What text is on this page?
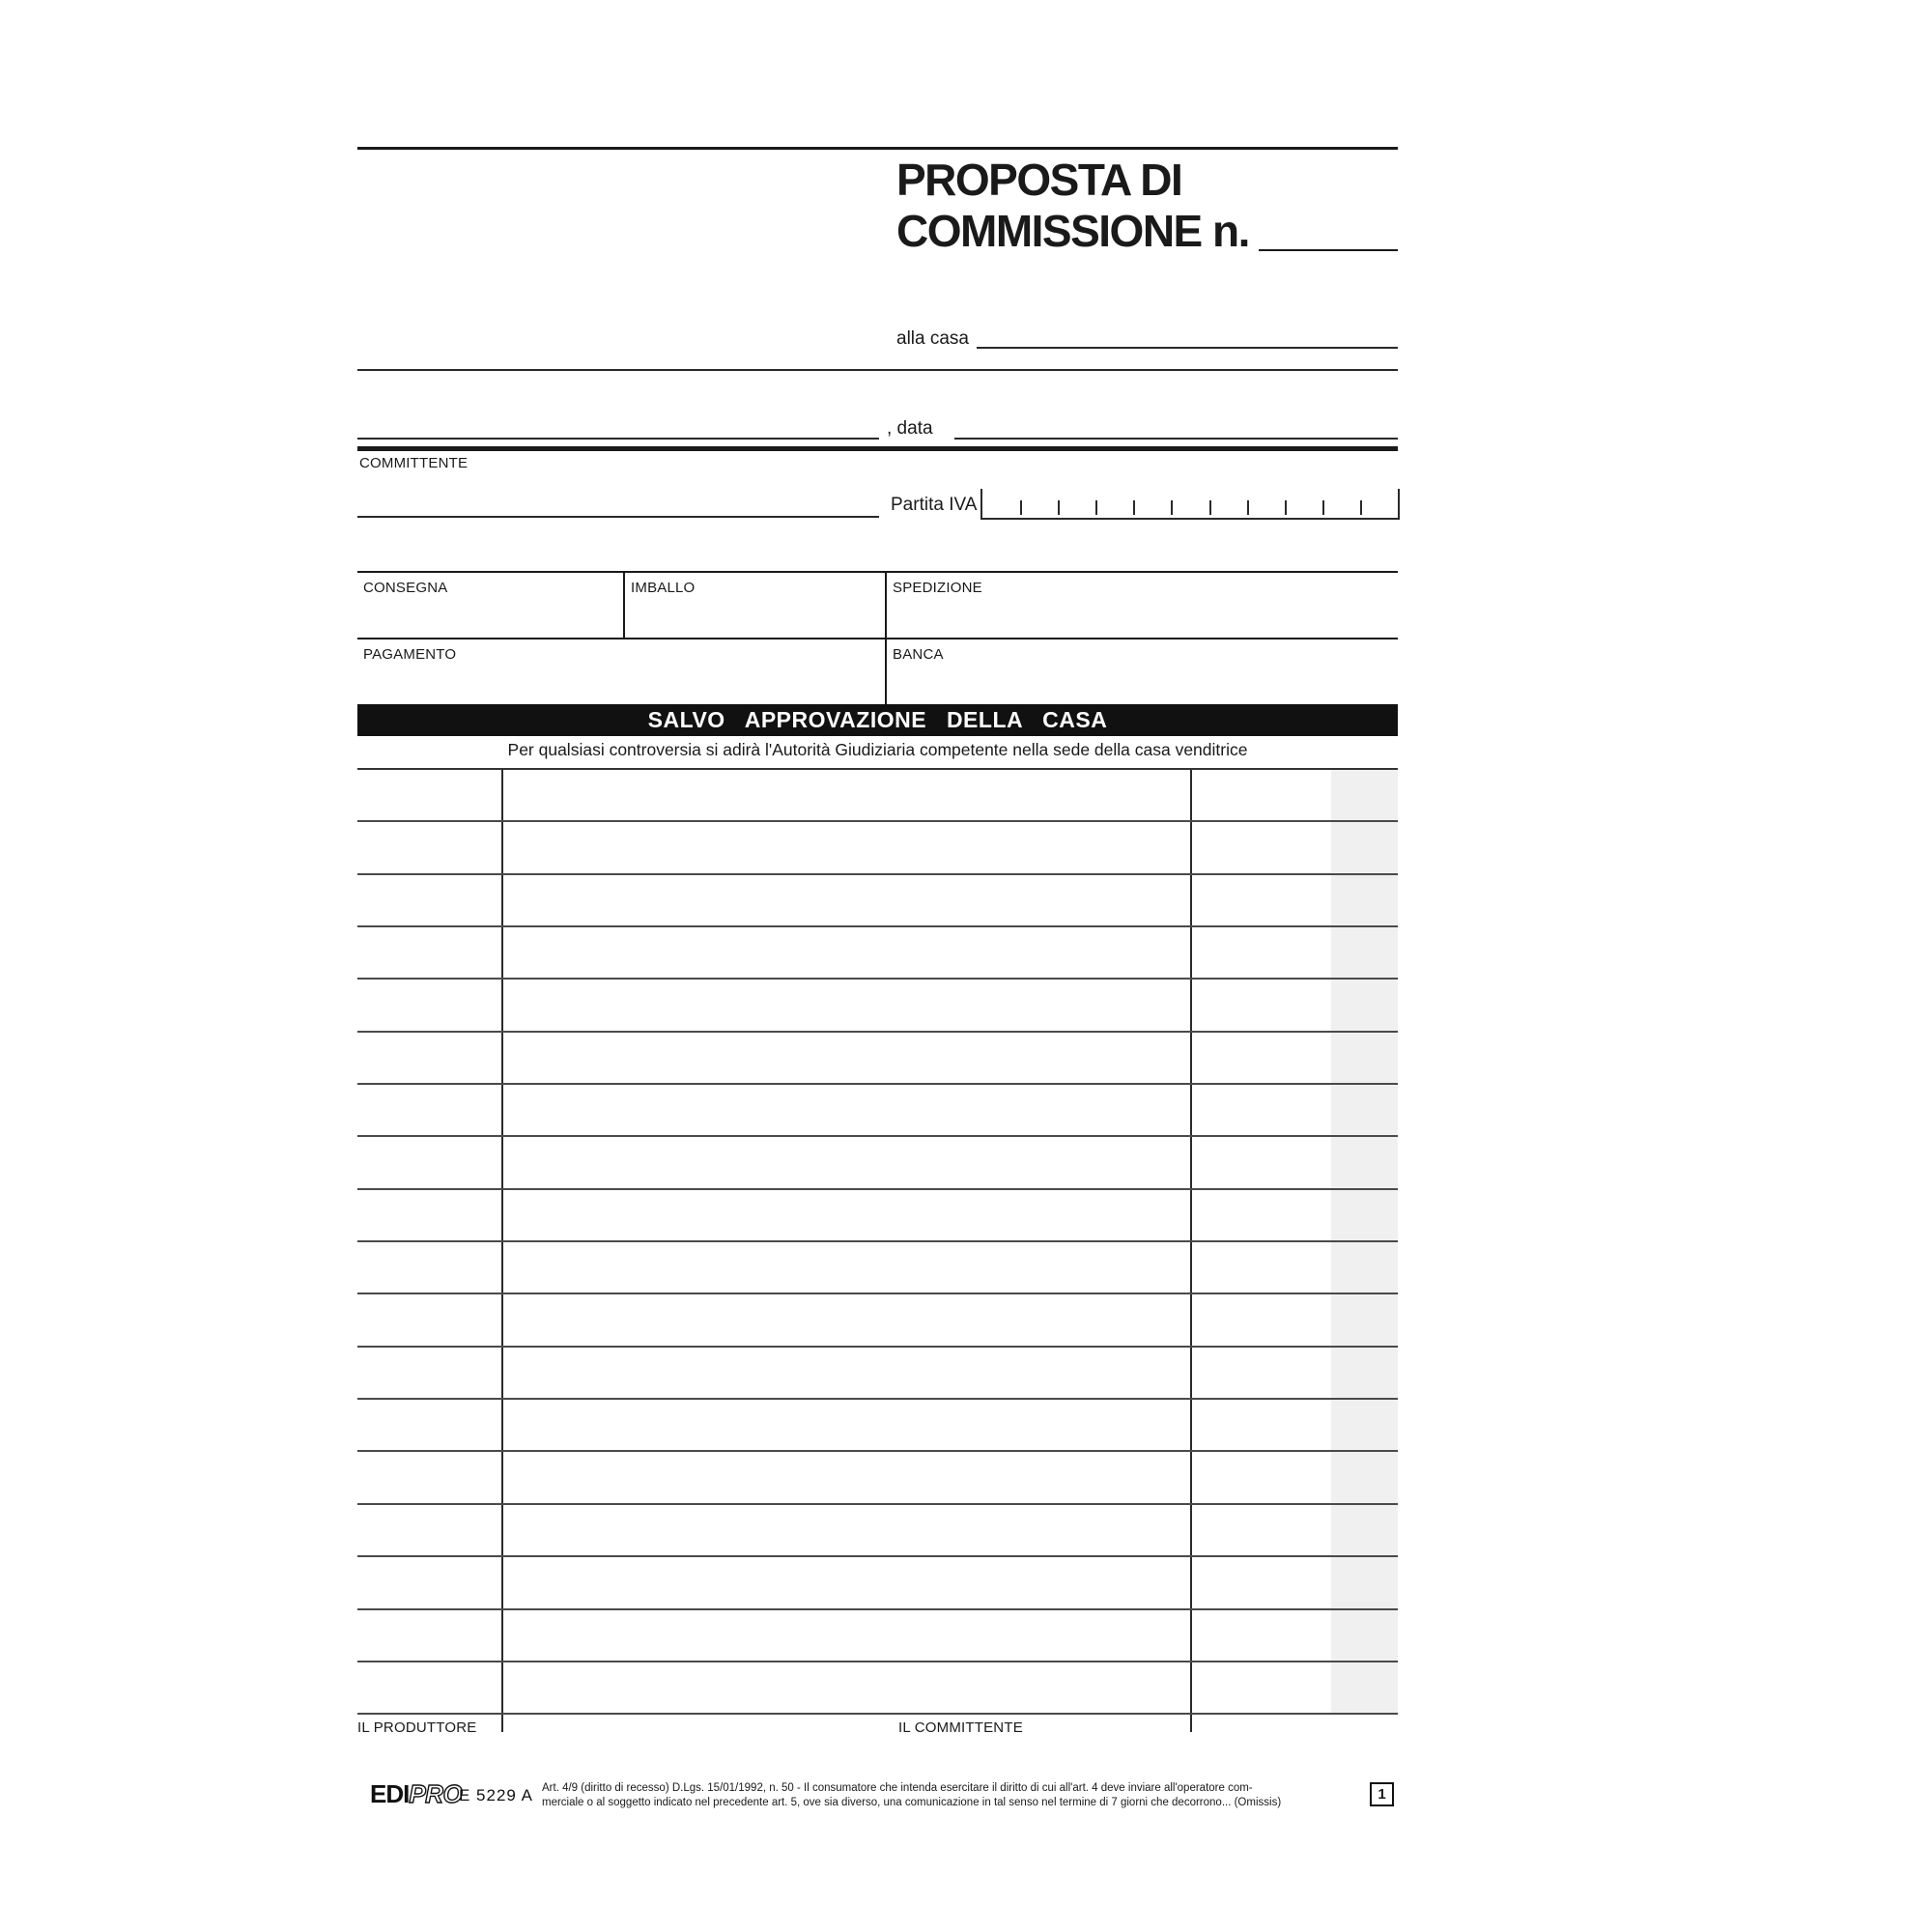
PROPOSTA DI
COMMISSIONE n.
alla casa
, data
COMMITTENTE
Partita IVA
CONSEGNA	IMBALLO	SPEDIZIONE
PAGAMENTO	BANCA
SALVO APPROVAZIONE DELLA CASA
Per qualsiasi controversia si adirà l'Autorità Giudiziaria competente nella sede della casa venditrice
IL PRODUTTORE	IL COMMITTENTE
EDIPRO
E 5229 A Art. 4/9 (diritto di recesso) D.Lgs. 15/01/1992, n. 50 - Il consumatore che intenda esercitare il diritto di cui all'art. 4 deve inviare all'operatore com-
merciale o al soggetto indicato nel precedente art. 5, ove sia diverso, una comunicazione in tal senso nel termine di 7 giorni che decorrono... (Omissis)	1
